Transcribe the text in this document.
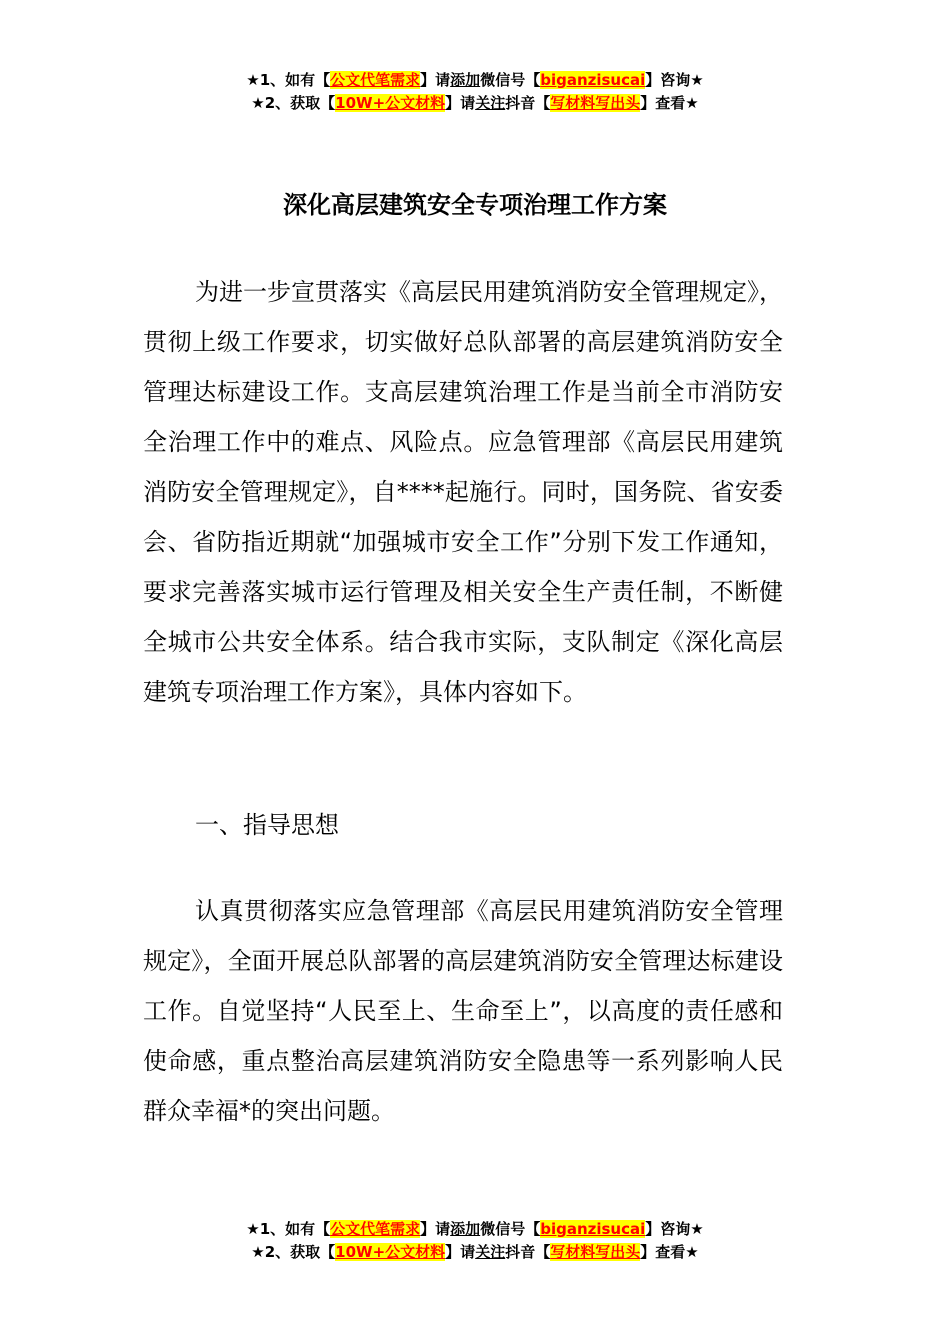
★1、如有【公文代笔需求】请添加微信号【biganzisucai】咨询★
★2、获取【10W+公文材料】请关注抖音【写材料写出头】查看★
深化高层建筑安全专项治理工作方案

为进一步宣贯落实《高层民用建筑消防安全管理规定》，贯彻上级工作要求，切实做好总队部署的高层建筑消防安全管理达标建设工作。支高层建筑治理工作是当前全市消防安全治理工作中的难点、风险点。应急管理部《高层民用建筑消防安全管理规定》，自****起施行。同时，国务院、省安委会、省防指近期就“加强城市安全工作”分别下发工作通知，要求完善落实城市运行管理及相关安全生产责任制，不断健全城市公共安全体系。结合我市实际，支队制定《深化高层建筑专项治理工作方案》，具体内容如下。

一、指导思想

认真贯彻落实应急管理部《高层民用建筑消防安全管理规定》，全面开展总队部署的高层建筑消防安全管理达标建设工作。自觉坚持“人民至上、生命至上”，以高度的责任感和使命感，重点整治高层建筑消防安全隐患等一系列影响人民群众幸福*的突出问题。

★1、如有【公文代笔需求】请添加微信号【biganzisucai】咨询★
★2、获取【10W+公文材料】请关注抖音【写材料写出头】查看★
